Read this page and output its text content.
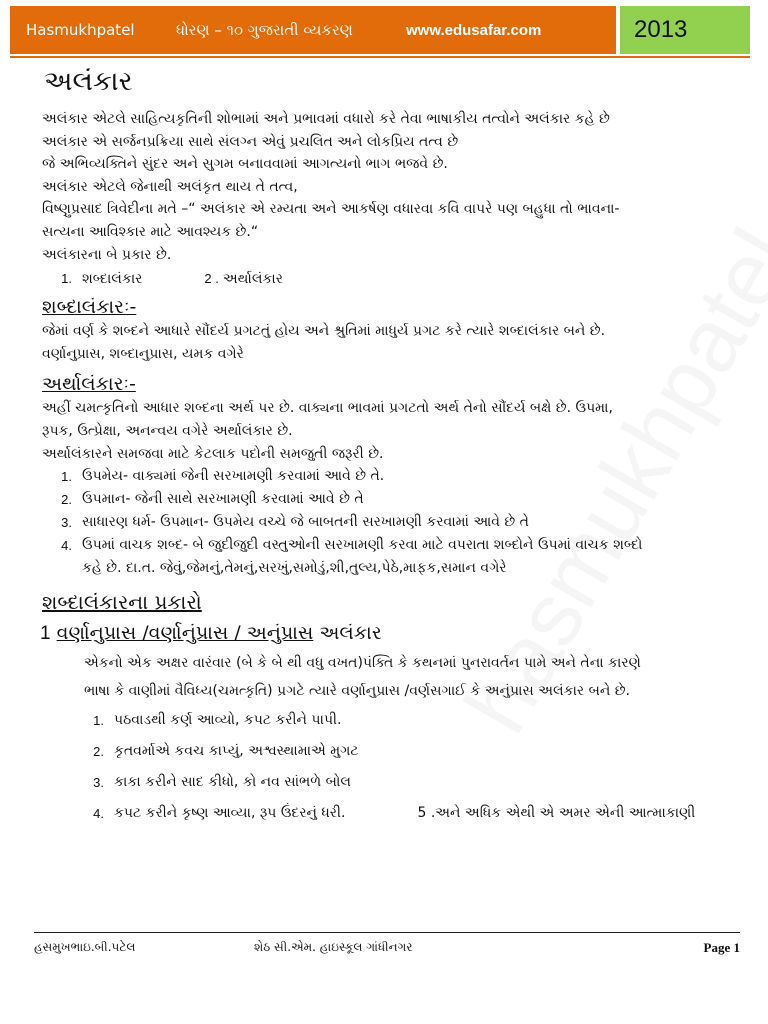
Hasmukhpatel	ધોરણ – ૧૦ ગુજરાતી વ્યકરણ	www.edusafar.com	2013
અલંકાર

અલંકાર એટલે સાહિત્યકૃતિની શોભામાં અને પ્રભાવમાં વધારો કરે તેવા ભાષાકીય તત્વોને અલંકાર કહે છે

અલંકાર એ સર્જનપ્રક્રિયા સાથે સંલગ્ન એવું પ્રચલિત અને લોકપ્રિય તત્વ છે

જે અભિવ્યક્તિને સુંદર અને સુગમ બનાવવામાં આગત્યનો ભાગ ભજવે છે.

અલંકાર એટલે જેનાથી અલંકૃત થાય તે તત્વ,

વિષ્ણુપ્રસાદ ત્રિવેદીના મતે –“ અલંકાર એ રમ્યતા અને આકર્ષણ વધારવા કવિ વાપરે પણ બહુધા તો ભાવના-

સત્યના આવિશ્કાર માટે આવશ્યક છે.“

અલંકારના બે પ્રકાર છે.

1. શબ્દાલંકાર	2 . અર્થાલંકાર
શબ્દાલંકારઃ-

જેમાં વર્ણ કે શબ્દને આધારે સૌંદર્ય પ્રગટતું હોય અને શ્રુતિમાં માધુર્ય પ્રગટ કરે ત્યારે શબ્દાલંકાર બને છે.

વર્ણાનુપ્રાસ, શબ્દાનુપ્રાસ, યમક વગેરે

અર્થાલંકારઃ-

અહીં ચમત્કૃતિનો આધાર શબ્દના અર્થ પર છે. વાક્યના ભાવમાં પ્રગટતો અર્થ તેનો સૌંદર્ય બક્ષે છે. ઉપમા,

રૂપક, ઉત્પ્રેક્ષા, અનન્વય વગેરે અર્થાલંકાર છે.

અર્થાલંકારને સમજવા માટે કેટલાક પદોની સમજુતી જરૂરી છે.

1. ઉપમેય- વાક્યમાં જેની સરખામણી કરવામાં આવે છે તે.
2. ઉપમાન- જેની સાથે સરખામણી કરવામાં આવે છે તે
3. સાધારણ ધર્મ- ઉપમાન- ઉપમેય વચ્ચે જે બાબતની સરખામણી કરવામાં આવે છે તે
4. ઉપમાં વાચક શબ્દ- બે જુદીજુદી વસ્તુઓની સરખામણી કરવા માટે વપરાતા શબ્દોને ઉપમાં વાચક શબ્દો
કહે છે. દા.ત. જેવું,જેમનું,તેમનું,સરખું,સમોડું,શી,તુલ્ય,પેઠે,માફક,સમાન વગેરે
શબ્દાલંકારના પ્રકારો
1 વર્ણાનુપ્રાસ /વર્ણાનુંપ્રાસ / અનુંપ્રાસ અલંકાર

એકનો એક અક્ષર વારંવાર (બે કે બે થી વધુ વખત)પંક્તિ કે કથનમાં પુનરાવર્તન પામે અને તેના કારણે

ભાષા કે વાણીમાં વૈવિધ્ય(ચમત્કૃતિ) પ્રગટે ત્યારે વર્ણાનુપ્રાસ /વર્ણસગાઈ કે અનુંપ્રાસ અલંકાર બને છે.

1. પઠવાડથી કર્ણ આવ્યો, કપટ કરીને પાપી.
2. કૃતવર્માએ કવચ કાપ્યું, અશ્વસ્થામાએ મુગટ
3. કાકા કરીને સાદ કીધો, કો નવ સાંભળે બોલ
4. કપટ કરીને કૃષ્ણ આવ્યા, રૂપ ઉંદરનું ધરી.	5 .અને અધિક એથી એ અમર એની આત્માકાણી
હસમુખભાઇ.બી.પટેલ	શેઠ સી.એમ. હાઇસ્કૂલ ગાંધીનગર	Page 1
